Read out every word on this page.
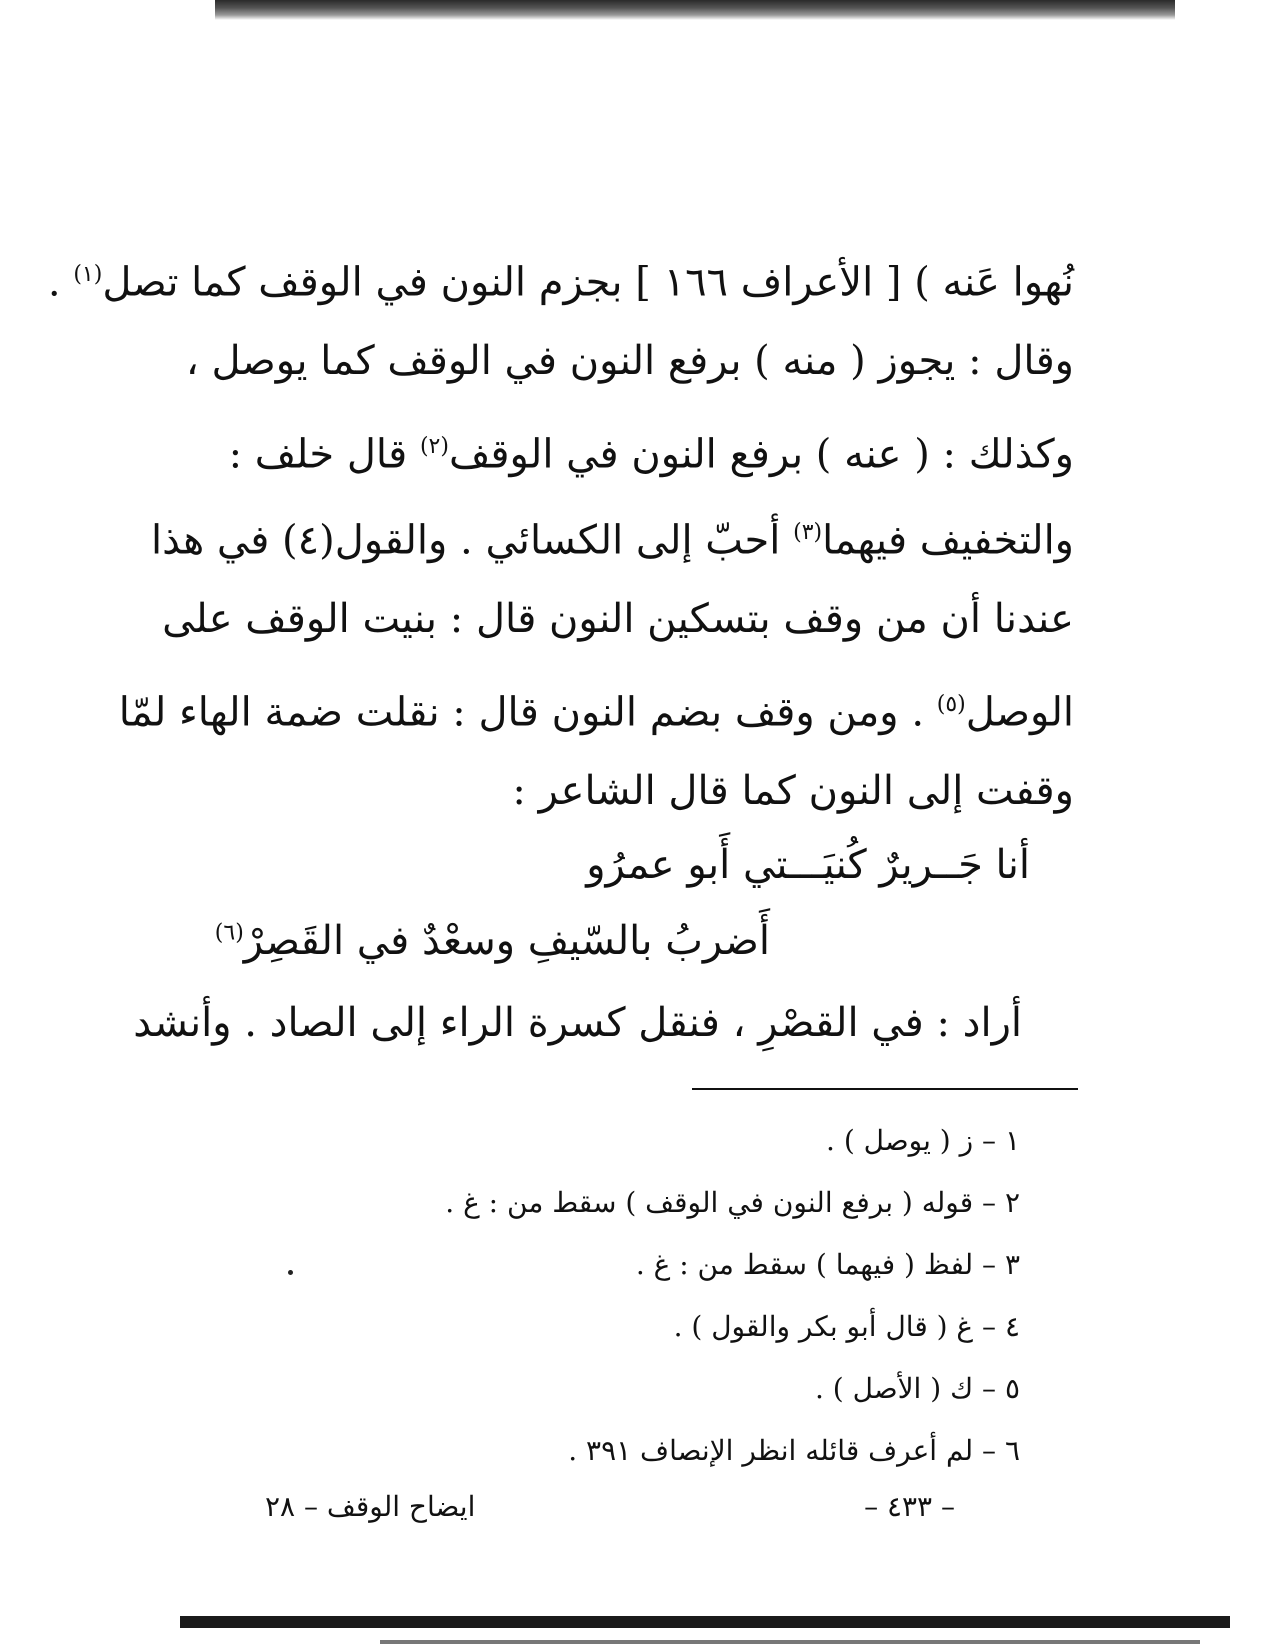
نُهوا عَنه ) [ الأعراف ١٦٦ ] بجزم النون في الوقف كما تصل$^{(١)}$ .
وقال : يجوز ( منه ) برفع النون في الوقف كما يوصل ،
وكذلك : ( عنه ) برفع النون في الوقف$^{(٢)}$ قال خلف :
والتخفيف فيهما$^{(٣)}$ أحبّ إلى الكسائي . والقول(٤) في هذا
عندنا أن من وقف بتسكين النون قال : بنيت الوقف على
الوصل$^{(٥)}$ . ومن وقف بضم النون قال : نقلت ضمة الهاء لمّا
وقفت إلى النون كما قال الشاعر :
أنا جَــريرٌ كُنيَـــتي أَبو عمرُو
أَضربُ بالسّيفِ وسعْدٌ في القَصِرْ$^{(٦)}$
أراد : في القصْرِ ، فنقل كسرة الراء إلى الصاد . وأنشد
١ – ز ( يوصل ) .
٢ – قوله ( برفع النون في الوقف ) سقط من : غ .
٣ – لفظ ( فيهما ) سقط من : غ .
٤ – غ ( قال أبو بكر والقول ) .
٥ – ك ( الأصل ) .
٦ – لم أعرف قائله انظر الإنصاف ٣٩١ .
– ٤٣٣ –
ايضاح الوقف – ٢٨
